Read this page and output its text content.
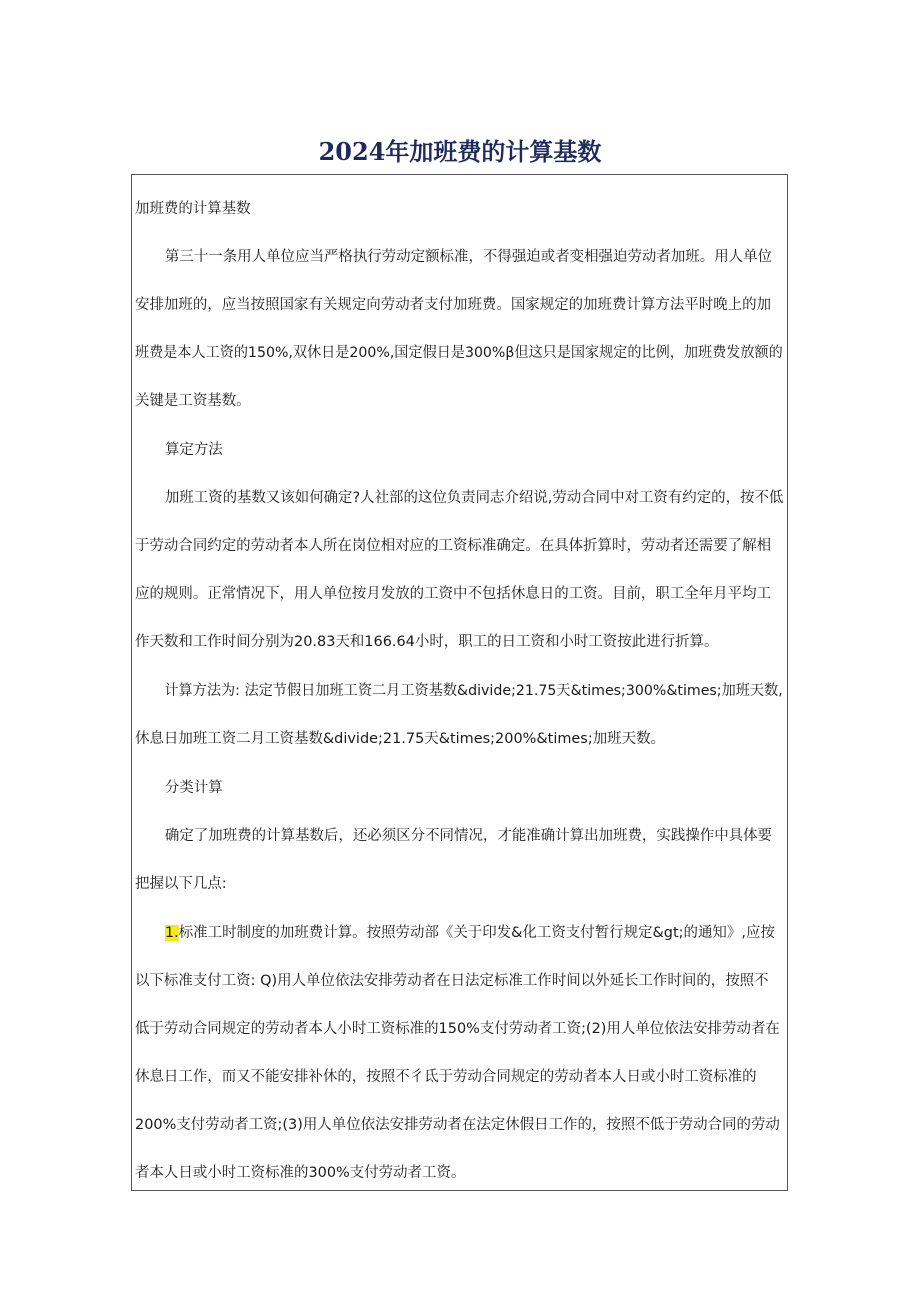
2024年加班费的计算基数
加班费的计算基数
第三十一条用人单位应当严格执行劳动定额标准，不得强迫或者变相强迫劳动者加班。用人单位
安排加班的，应当按照国家有关规定向劳动者支付加班费。国家规定的加班费计算方法平时晚上的加
班费是本人工资的150%,双休日是200%,国定假日是300%β但这只是国家规定的比例，加班费发放额的
关键是工资基数。
算定方法
加班工资的基数又该如何确定?人社部的这位负责同志介绍说,劳动合同中对工资有约定的，按不低
于劳动合同约定的劳动者本人所在岗位相对应的工资标准确定。在具体折算时，劳动者还需要了解相
应的规则。正常情况下，用人单位按月发放的工资中不包括休息日的工资。目前，职工全年月平均工
作天数和工作时间分别为20.83天和166.64小时，职工的日工资和小时工资按此进行折算。
计算方法为: 法定节假日加班工资二月工资基数&divide;21.75天&times;300%&times;加班天数,
休息日加班工资二月工资基数&divide;21.75天&times;200%&times;加班天数。
分类计算
确定了加班费的计算基数后，还必须区分不同情况，才能准确计算出加班费，实践操作中具体要
把握以下几点:
1.标准工时制度的加班费计算。按照劳动部《关于印发&化工资支付暂行规定&gt;的通知》,应按
以下标准支付工资: Q)用人单位依法安排劳动者在日法定标准工作时间以外延长工作时间的，按照不
低于劳动合同规定的劳动者本人小时工资标准的150%支付劳动者工资;(2)用人单位依法安排劳动者在
休息日工作，而又不能安排补休的，按照不彳氐于劳动合同规定的劳动者本人日或小时工资标准的
200%支付劳动者工资;(3)用人单位依法安排劳动者在法定休假日工作的，按照不低于劳动合同的劳动
者本人日或小时工资标准的300%支付劳动者工资。
